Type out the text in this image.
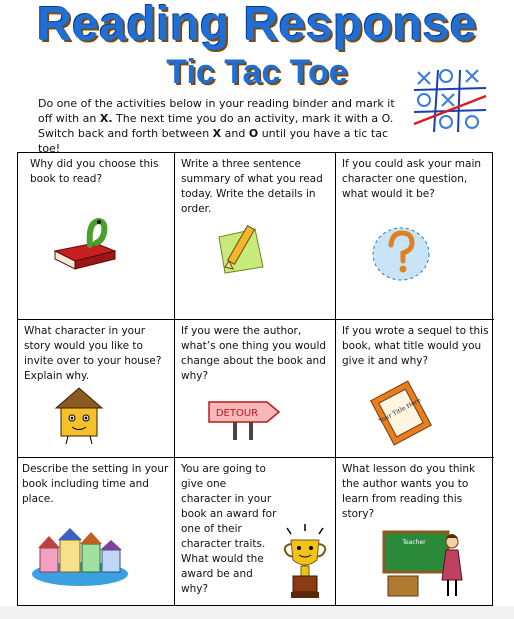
Reading Response
Tic Tac Toe
Do one of the activities below in your reading binder and mark it off with an X. The next time you do an activity, mark it with a O. Switch back and forth between X and O until you have a tic tac toe!
Why did you choose this book to read?
Write a three sentence summary of what you read today. Write the details in order.
If you could ask your main character one question, what would it be?
What character in your story would you like to invite over to your house? Explain why.
If you were the author, what’s one thing you would change about the book and why?
DETOUR
If you wrote a sequel to this book, what title would you give it and why?
Your Title Here
Describe the setting in your book including time and place.
You are going to give one character in your book an award for one of their character traits. What would the award be and why?
What lesson do you think the author wants you to learn from reading this story?
Teacher
